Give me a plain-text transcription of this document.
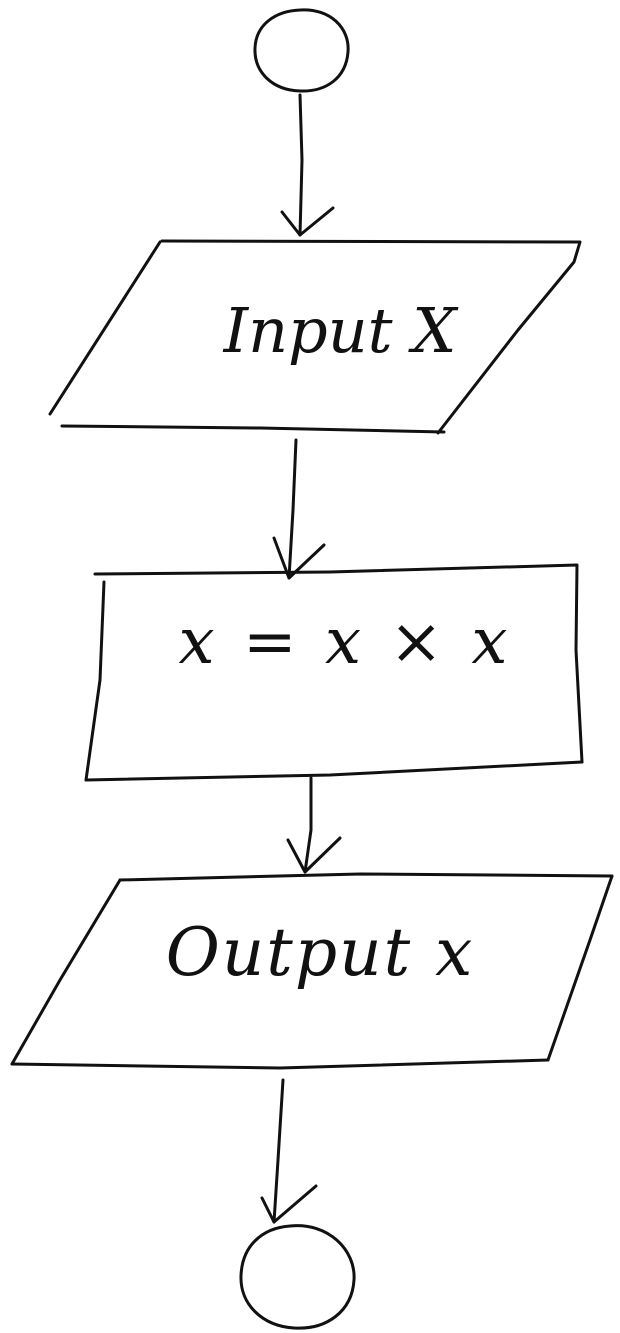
Input X
x = x × x
Output x
